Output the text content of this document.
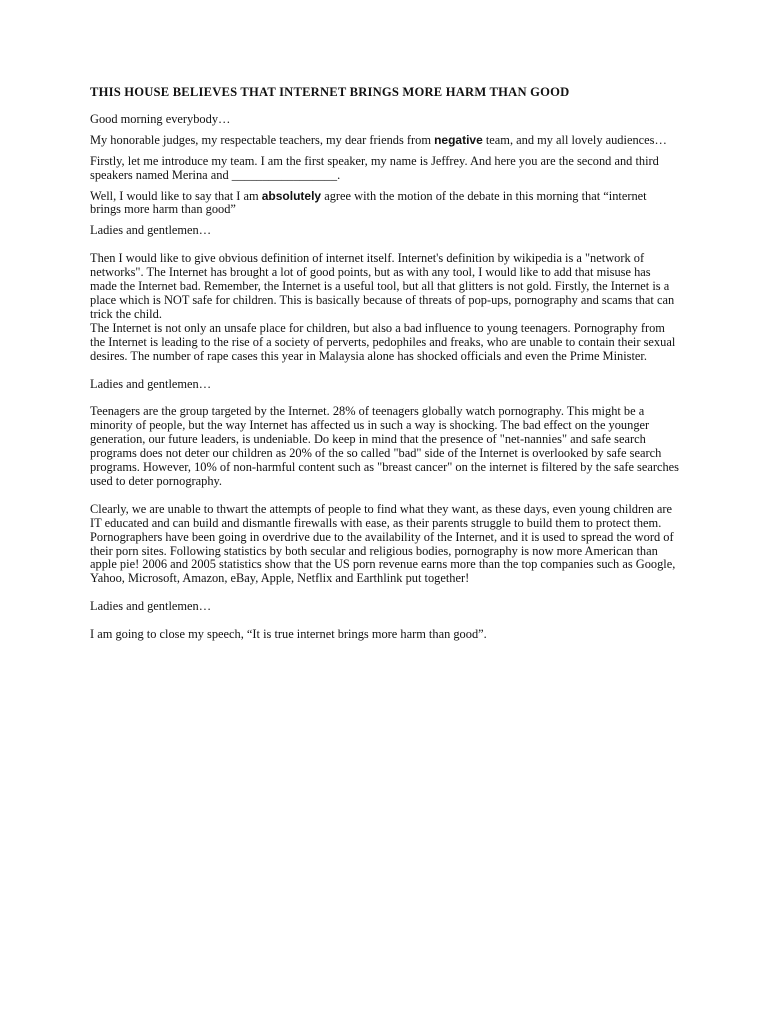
THIS HOUSE BELIEVES THAT INTERNET BRINGS MORE HARM THAN GOOD

Good morning everybody…

My honorable judges, my respectable teachers, my dear friends from negative team, and my all lovely audiences…

Firstly, let me introduce my team. I am the first speaker, my name is Jeffrey. And here you are the second and third speakers named Merina and _________________.

Well, I would like to say that I am absolutely agree with the motion of the debate in this morning that “internet brings more harm than good”

Ladies and gentlemen…

Then I would like to give obvious definition of internet itself. Internet's definition by wikipedia is a "network of networks". The Internet has brought a lot of good points, but as with any tool, I would like to add that misuse has made the Internet bad. Remember, the Internet is a useful tool, but all that glitters is not gold. Firstly, the Internet is a place which is NOT safe for children. This is basically because of threats of pop-ups, pornography and scams that can trick the child.

The Internet is not only an unsafe place for children, but also a bad influence to young teenagers. Pornography from the Internet is leading to the rise of a society of perverts, pedophiles and freaks, who are unable to contain their sexual desires. The number of rape cases this year in Malaysia alone has shocked officials and even the Prime Minister.

Ladies and gentlemen…

Teenagers are the group targeted by the Internet. 28% of teenagers globally watch pornography. This might be a minority of people, but the way Internet has affected us in such a way is shocking. The bad effect on the younger generation, our future leaders, is undeniable. Do keep in mind that the presence of "net-nannies" and safe search programs does not deter our children as 20% of the so called "bad" side of the Internet is overlooked by safe search programs. However, 10% of non-harmful content such as "breast cancer" on the internet is filtered by the safe searches used to deter pornography.

Clearly, we are unable to thwart the attempts of people to find what they want, as these days, even young children are IT educated and can build and dismantle firewalls with ease, as their parents struggle to build them to protect them. Pornographers have been going in overdrive due to the availability of the Internet, and it is used to spread the word of their porn sites. Following statistics by both secular and religious bodies, pornography is now more American than apple pie! 2006 and 2005 statistics show that the US porn revenue earns more than the top companies such as Google, Yahoo, Microsoft, Amazon, eBay, Apple, Netflix and Earthlink put together!

Ladies and gentlemen…

I am going to close my speech, “It is true internet brings more harm than good”.
